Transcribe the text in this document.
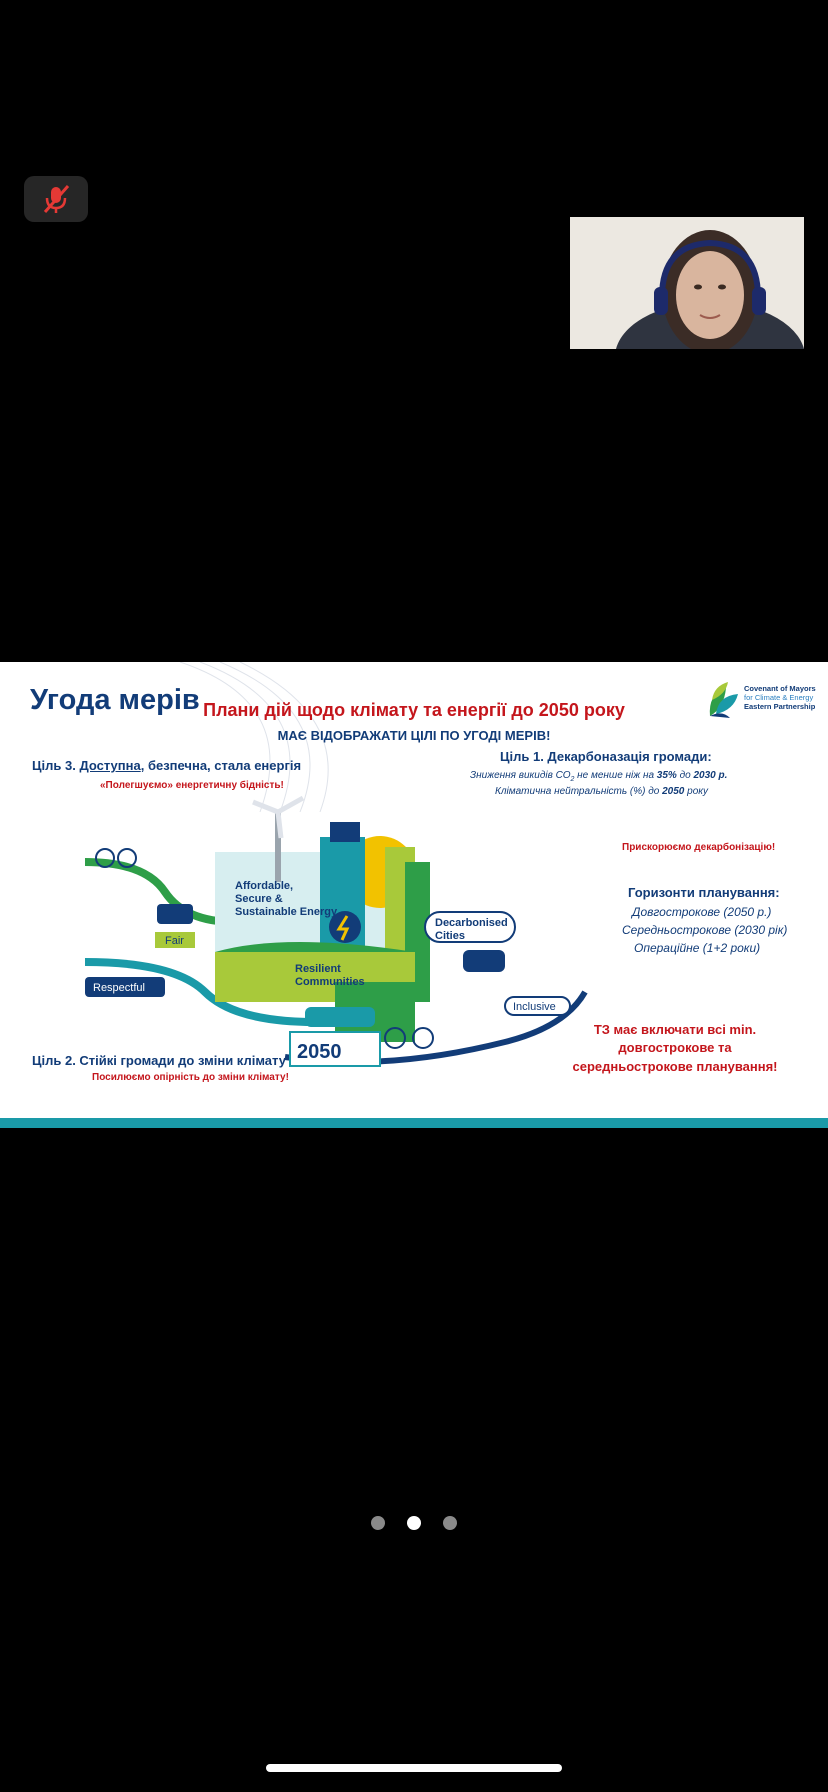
Угода мерів	Covenant of Mayors
for Climate & Energy
Eastern Partnership
Плани дій щодо клімату та енергії до 2050 року
МАЄ ВІДОБРАЖАТИ ЦІЛІ ПО УГОДІ МЕРІВ!
Ціль 3. Доступна, безпечна, стала енергія
«Полегшуємо» енергетичну бідність!
Ціль 1. Декарбоназація громади:
Зниження викидів $СО_2$ не менше ніж на 35% до 2030 р.
Кліматична нейтральність (%) до 2050 року
Прискорюємо декарбонізацію!
Горизонти планування:
Довгострокове (2050 р.)
Середньострокове (2030 рік)
Операційне (1+2 роки)
Ціль 2. Стійкі громади до зміни клімату
Посилюємо опірність до зміни клімату!
ТЗ має включати всі min.
довгострокове та
середньострокове планування!
Affordable,
Secure &
Sustainable Energy
Decarbonised
Cities
Resilient
Communities
Fair
Respectful
Inclusive
2050
